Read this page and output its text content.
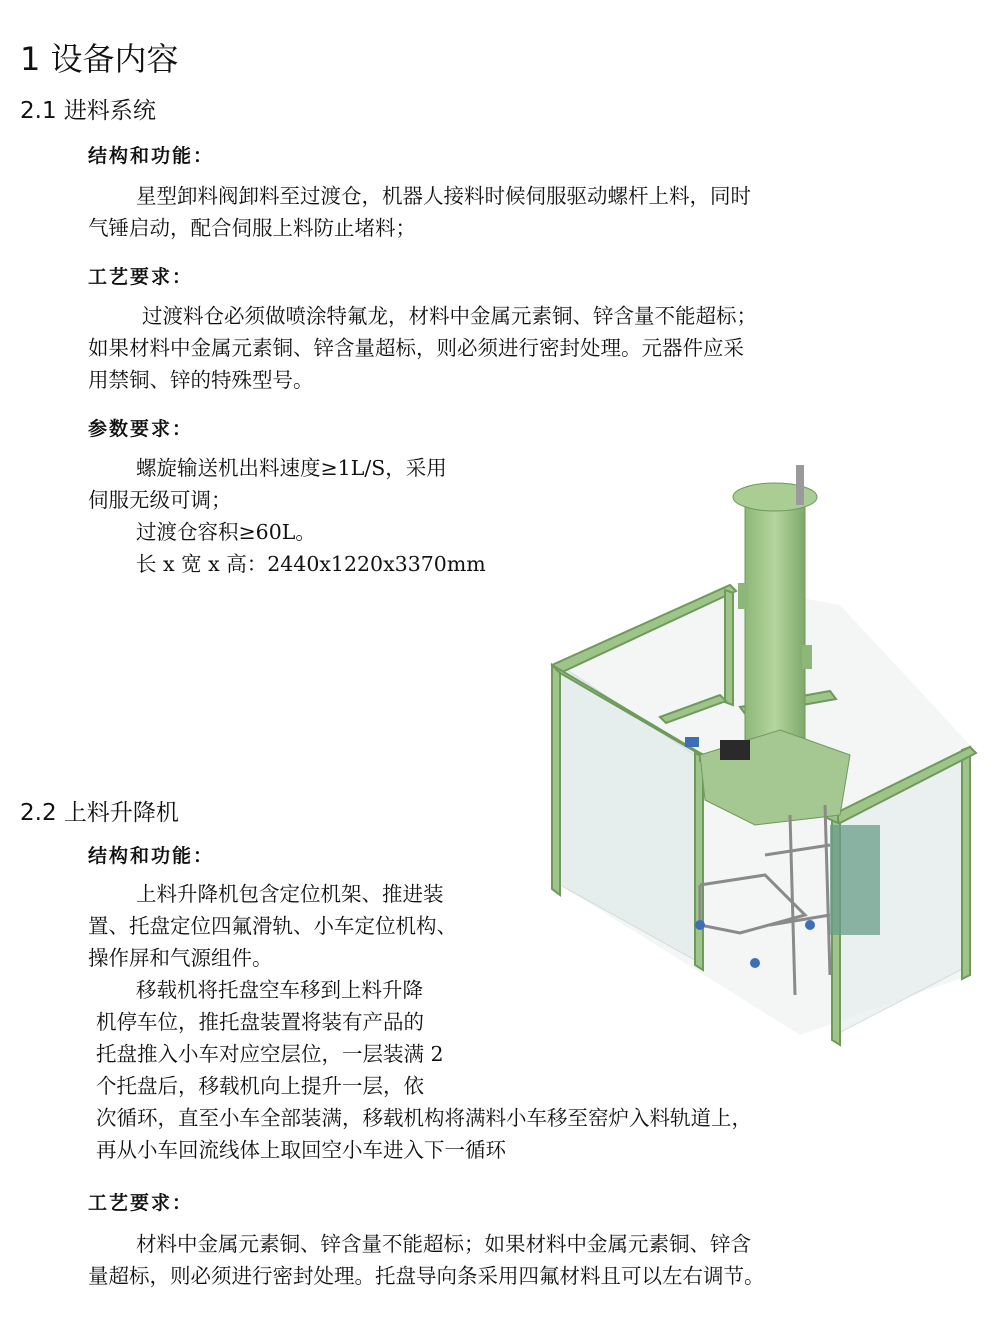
1 设备内容
2.1 进料系统
结构和功能：
星型卸料阀卸料至过渡仓，机器人接料时候伺服驱动螺杆上料，同时
气锤启动，配合伺服上料防止堵料；
工艺要求：
过渡料仓必须做喷涂特氟龙，材料中金属元素铜、锌含量不能超标；
如果材料中金属元素铜、锌含量超标，则必须进行密封处理。元器件应采
用禁铜、锌的特殊型号。
参数要求：
螺旋输送机出料速度≥1L/S，采用
伺服无级可调；
过渡仓容积≥60L。
长 x 宽 x 高：2440x1220x3370mm
2.2 上料升降机
结构和功能：
上料升降机包含定位机架、推进装
置、托盘定位四氟滑轨、小车定位机构、
操作屏和气源组件。
移载机将托盘空车移到上料升降
机停车位，推托盘装置将装有产品的
托盘推入小车对应空层位，一层装满 2
个托盘后，移载机向上提升一层，依
次循环，直至小车全部装满，移载机构将满料小车移至窑炉入料轨道上，
再从小车回流线体上取回空小车进入下一循环
工艺要求：
材料中金属元素铜、锌含量不能超标；如果材料中金属元素铜、锌含
量超标，则必须进行密封处理。托盘导向条采用四氟材料且可以左右调节。
